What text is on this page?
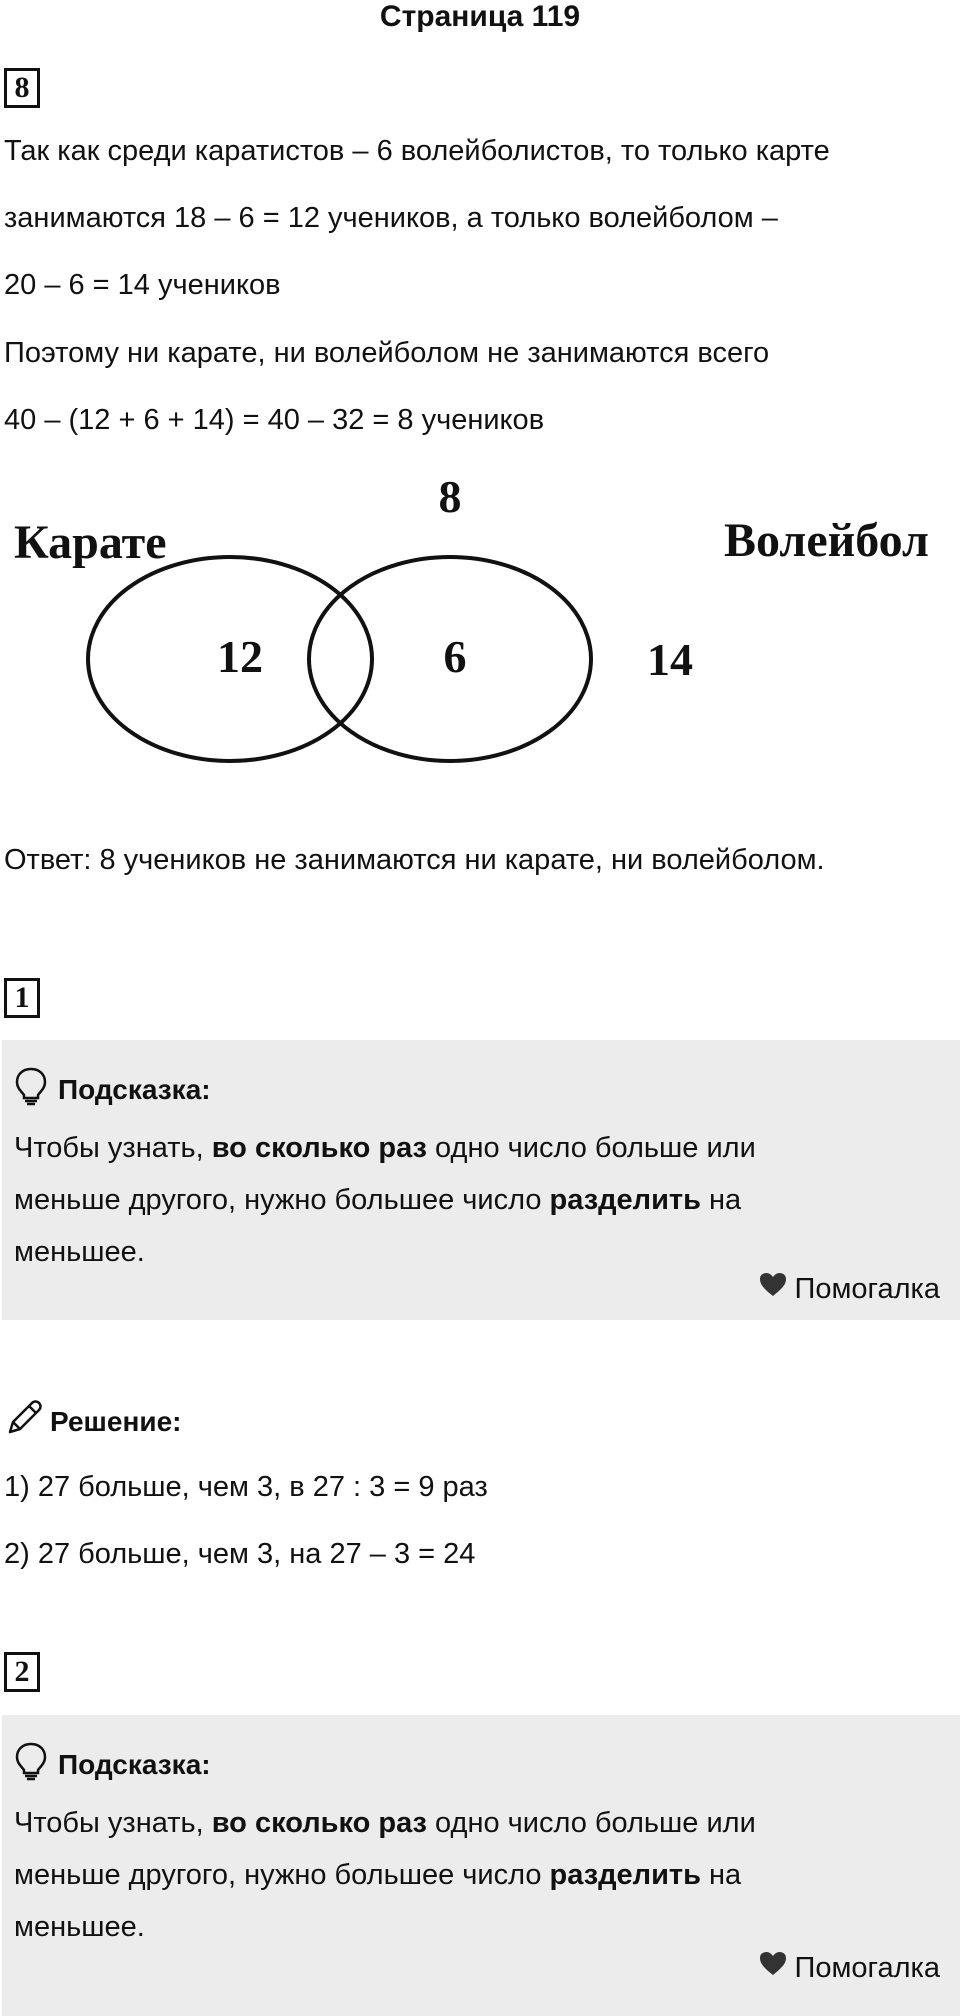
Страница 119
8
Так как среди каратистов – 6 волейболистов, то только карте
занимаются 18 – 6 = 12 учеников, а только волейболом –
20 – 6 = 14 учеников
Поэтому ни карате, ни волейболом не занимаются всего
40 – (12 + 6 + 14) = 40 – 32 = 8 учеников
Карате	Волейбол
8
12	6	14
Ответ: 8 учеников не занимаются ни карате, ни волейболом.
1
Подсказка:
Чтобы узнать, во сколько раз одно число больше или
меньше другого, нужно большее число разделить на
меньшее.
Помогалка
Решение:
1) 27 больше, чем 3, в 27 : 3 = 9 раз
2) 27 больше, чем 3, на 27 – 3 = 24
2
Подсказка:
Чтобы узнать, во сколько раз одно число больше или
меньше другого, нужно большее число разделить на
меньшее.
Помогалка
